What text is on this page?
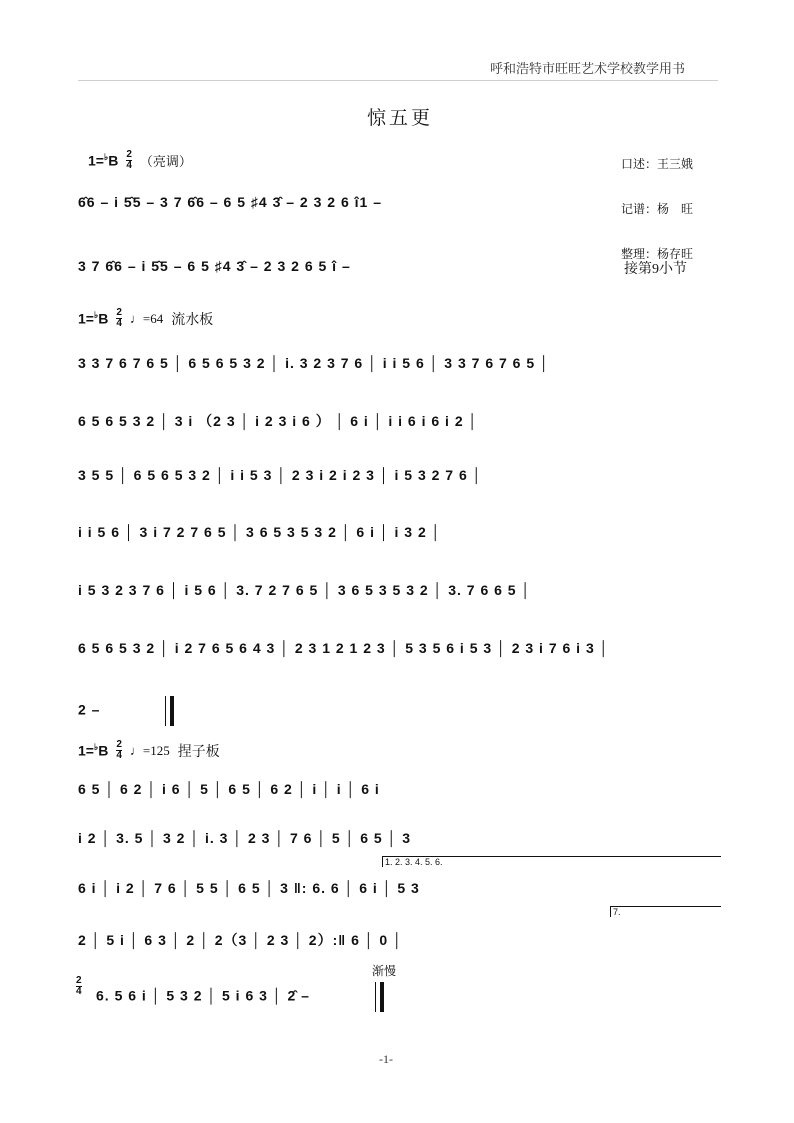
呼和浩特市旺旺艺术学校教学用书
惊五更

口述：王三娥

记谱：杨　旺

整理：杨存旺

$1=^♭B \frac{2}{4}$ （亮调）
6̂6 – i 5̂5 – 3 7 6̂6 – 6 5 ♯4 3̂ – 2 3 2 6 î1 –
3 7 6̂6 – i 5̂5 – 6 5 ♯4 3̂ – 2 3 2 6 5 î –	接第9小节
$1=^♭B \frac{2}{4}$ ♩=64 流水板
3 3 7 6 7 6 5 │ 6 5 6 5 3 2 │ i. 3 2 3 7 6 │ i i 5 6 │ 3 3 7 6 7 6 5 │
6 5 6 5 3 2 │ 3 i （2 3 │ i 2 3 i 6 ） │ 6 i │ i i 6 i 6 i 2 │
3 5 5 │ 6 5 6 5 3 2 │ i i 5 3 │ 2 3 i 2 i 2 3 │ i 5 3 2 7 6 │
i i 5 6 │ 3 i 7 2 7 6 5 │ 3 6 5 3 5 3 2 │ 6 i │ i 3 2 │
i 5 3 2 3 7 6 │ i 5 6 │ 3. 7 2 7 6 5 │ 3 6 5 3 5 3 2 │ 3. 7 6 6 5 │
6 5 6 5 3 2 │ i 2 7 6 5 6 4 3 │ 2 3 1 2 1 2 3 │ 5 3 5 6 i 5 3 │ 2 3 i 7 6 i 3 │
2 –
$1=^♭B \frac{2}{4}$ ♩=125 捏子板
6 5 │ 6 2 │ i 6 │ 5 │ 6 5 │ 6 2 │ i │ i │ 6 i
i 2 │ 3. 5 │ 3 2 │ i. 3 │ 2 3 │ 7 6 │ 5 │ 6 5 │ 3
1. 2. 3. 4. 5. 6.
6 i │ i 2 │ 7 6 │ 5 5 │ 6 5 │ 3 ‖: 6. 6 │ 6 i │ 5 3
7.
2 │ 5 i │ 6 3 │ 2 │ 2（3 │ 2 3 │ 2）:‖ 6 │ 0 │
渐慢
$\frac{2}{4} 6$. 5 6 i │ 5 3 2 │ 5 i 6 3 │ 2̂ –
-1-
